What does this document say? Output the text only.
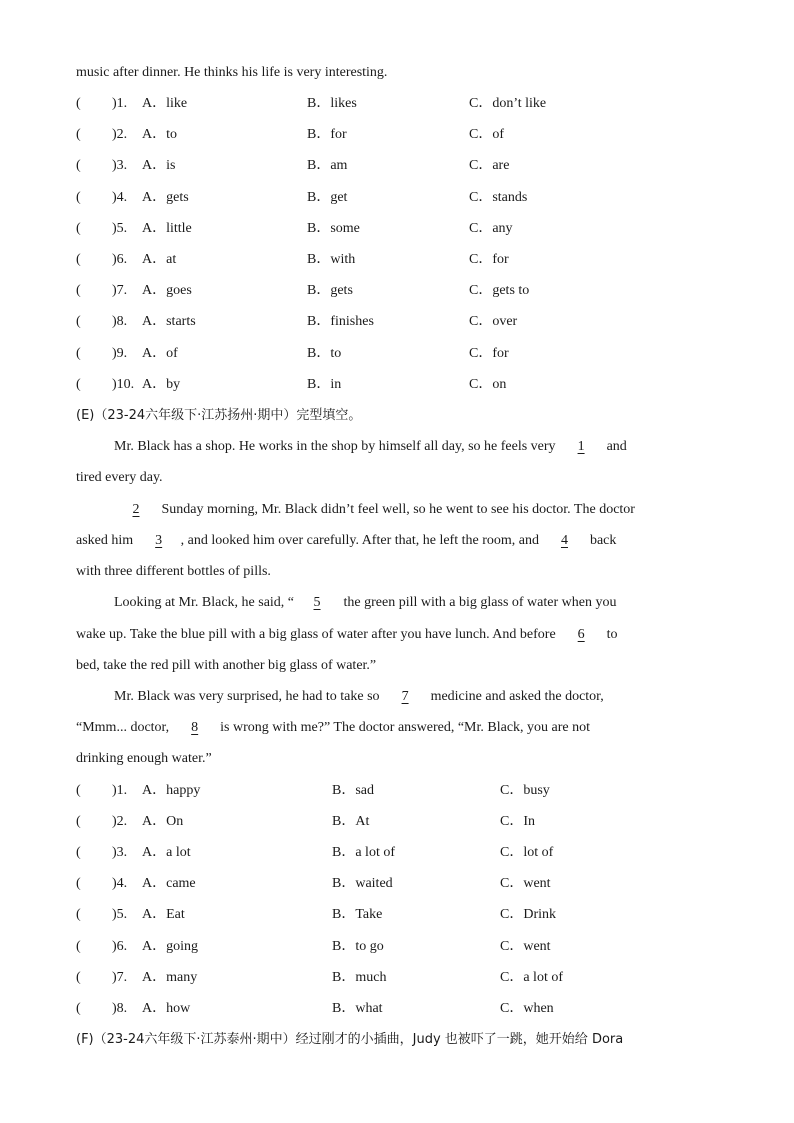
music after dinner. He thinks his life is very interesting.
( )1. A．like	B．likes	C．don’t like
( )2. A．to	B．for	C．of
( )3. A．is	B．am	C．are
( )4. A．gets	B．get	C．stands
( )5. A．little	B．some	C．any
( )6. A．at	B．with	C．for
( )7. A．goes	B．gets	C．gets to
( )8. A．starts	B．finishes	C．over
( )9. A．of	B．to	C．for
( )10. A．by	B．in	C．on
(E)（23-24六年级下·江苏扬州·期中）完型填空。
Mr. Black has a shop. He works in the shop by himself all day, so he feels very 1 and
tired every day.
2 Sunday morning, Mr. Black didn’t feel well, so he went to see his doctor. The doctor
asked him 3 , and looked him over carefully. After that, he left the room, and 4 back
with three different bottles of pills.
Looking at Mr. Black, he said, “ 5 the green pill with a big glass of water when you
wake up. Take the blue pill with a big glass of water after you have lunch. And before 6 to
bed, take the red pill with another big glass of water.”
Mr. Black was very surprised, he had to take so 7 medicine and asked the doctor,
“Mmm... doctor, 8 is wrong with me?” The doctor answered, “Mr. Black, you are not
drinking enough water.”
( )1. A．happy	B．sad	C．busy
( )2. A．On	B．At	C．In
( )3. A．a lot	B．a lot of	C．lot of
( )4. A．came	B．waited	C．went
( )5. A．Eat	B．Take	C．Drink
( )6. A．going	B．to go	C．went
( )7. A．many	B．much	C．a lot of
( )8. A．how	B．what	C．when
(F)（23-24六年级下·江苏泰州·期中）经过刚才的小插曲，Judy 也被吓了一跳，她开始给 Dora
